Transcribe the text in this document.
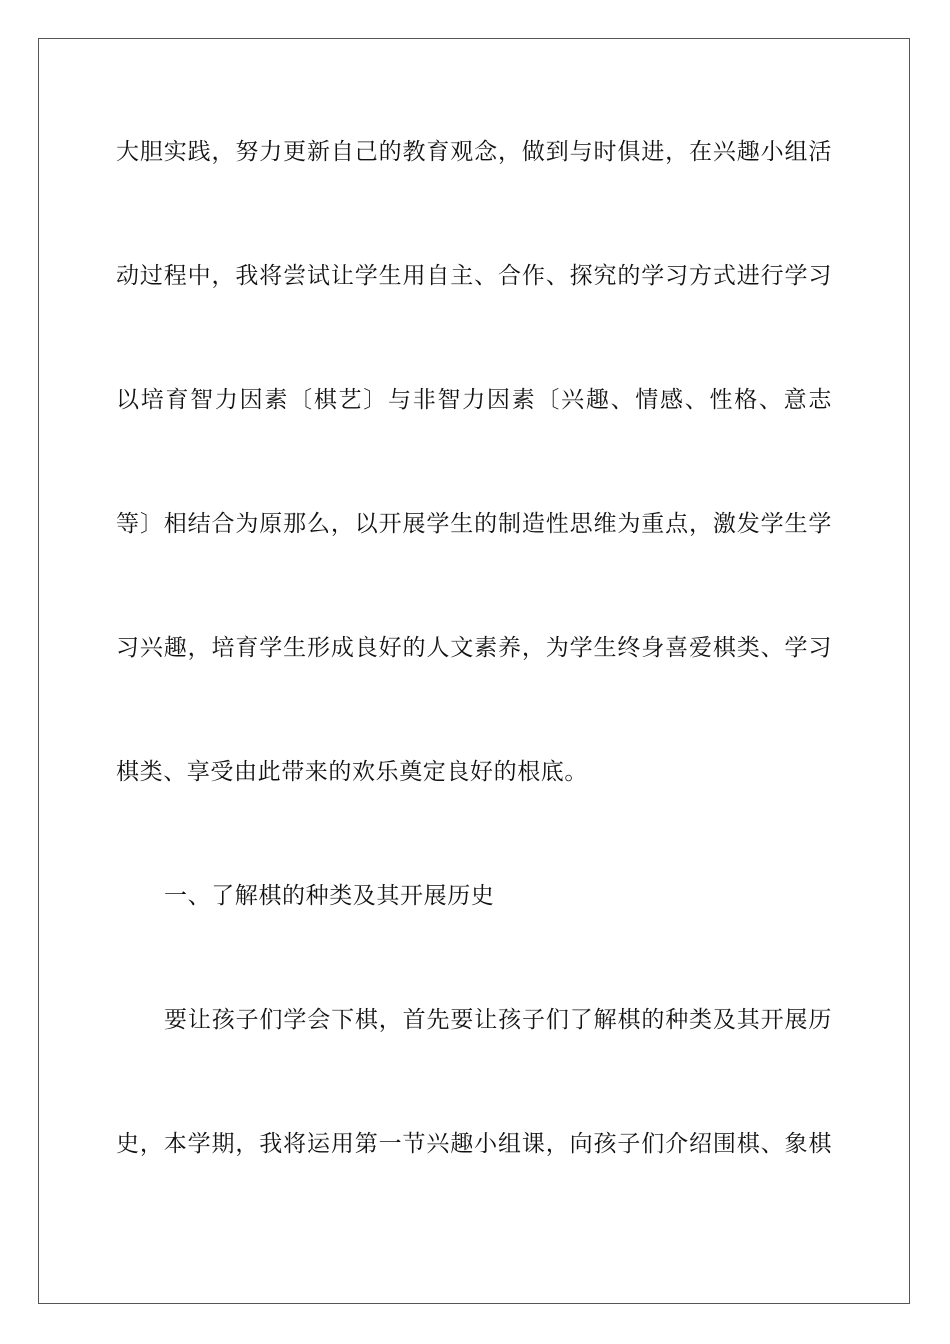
大胆实践，努力更新自己的教育观念，做到与时俱进，在兴趣小组活
动过程中，我将尝试让学生用自主、合作、探究的学习方式进行学习
以培育智力因素〔棋艺〕与非智力因素〔兴趣、情感、性格、意志
等〕相结合为原那么，以开展学生的制造性思维为重点，激发学生学
习兴趣，培育学生形成良好的人文素养，为学生终身喜爱棋类、学习
棋类、享受由此带来的欢乐奠定良好的根底。
一、了解棋的种类及其开展历史
要让孩子们学会下棋，首先要让孩子们了解棋的种类及其开展历
史，本学期，我将运用第一节兴趣小组课，向孩子们介绍围棋、象棋
